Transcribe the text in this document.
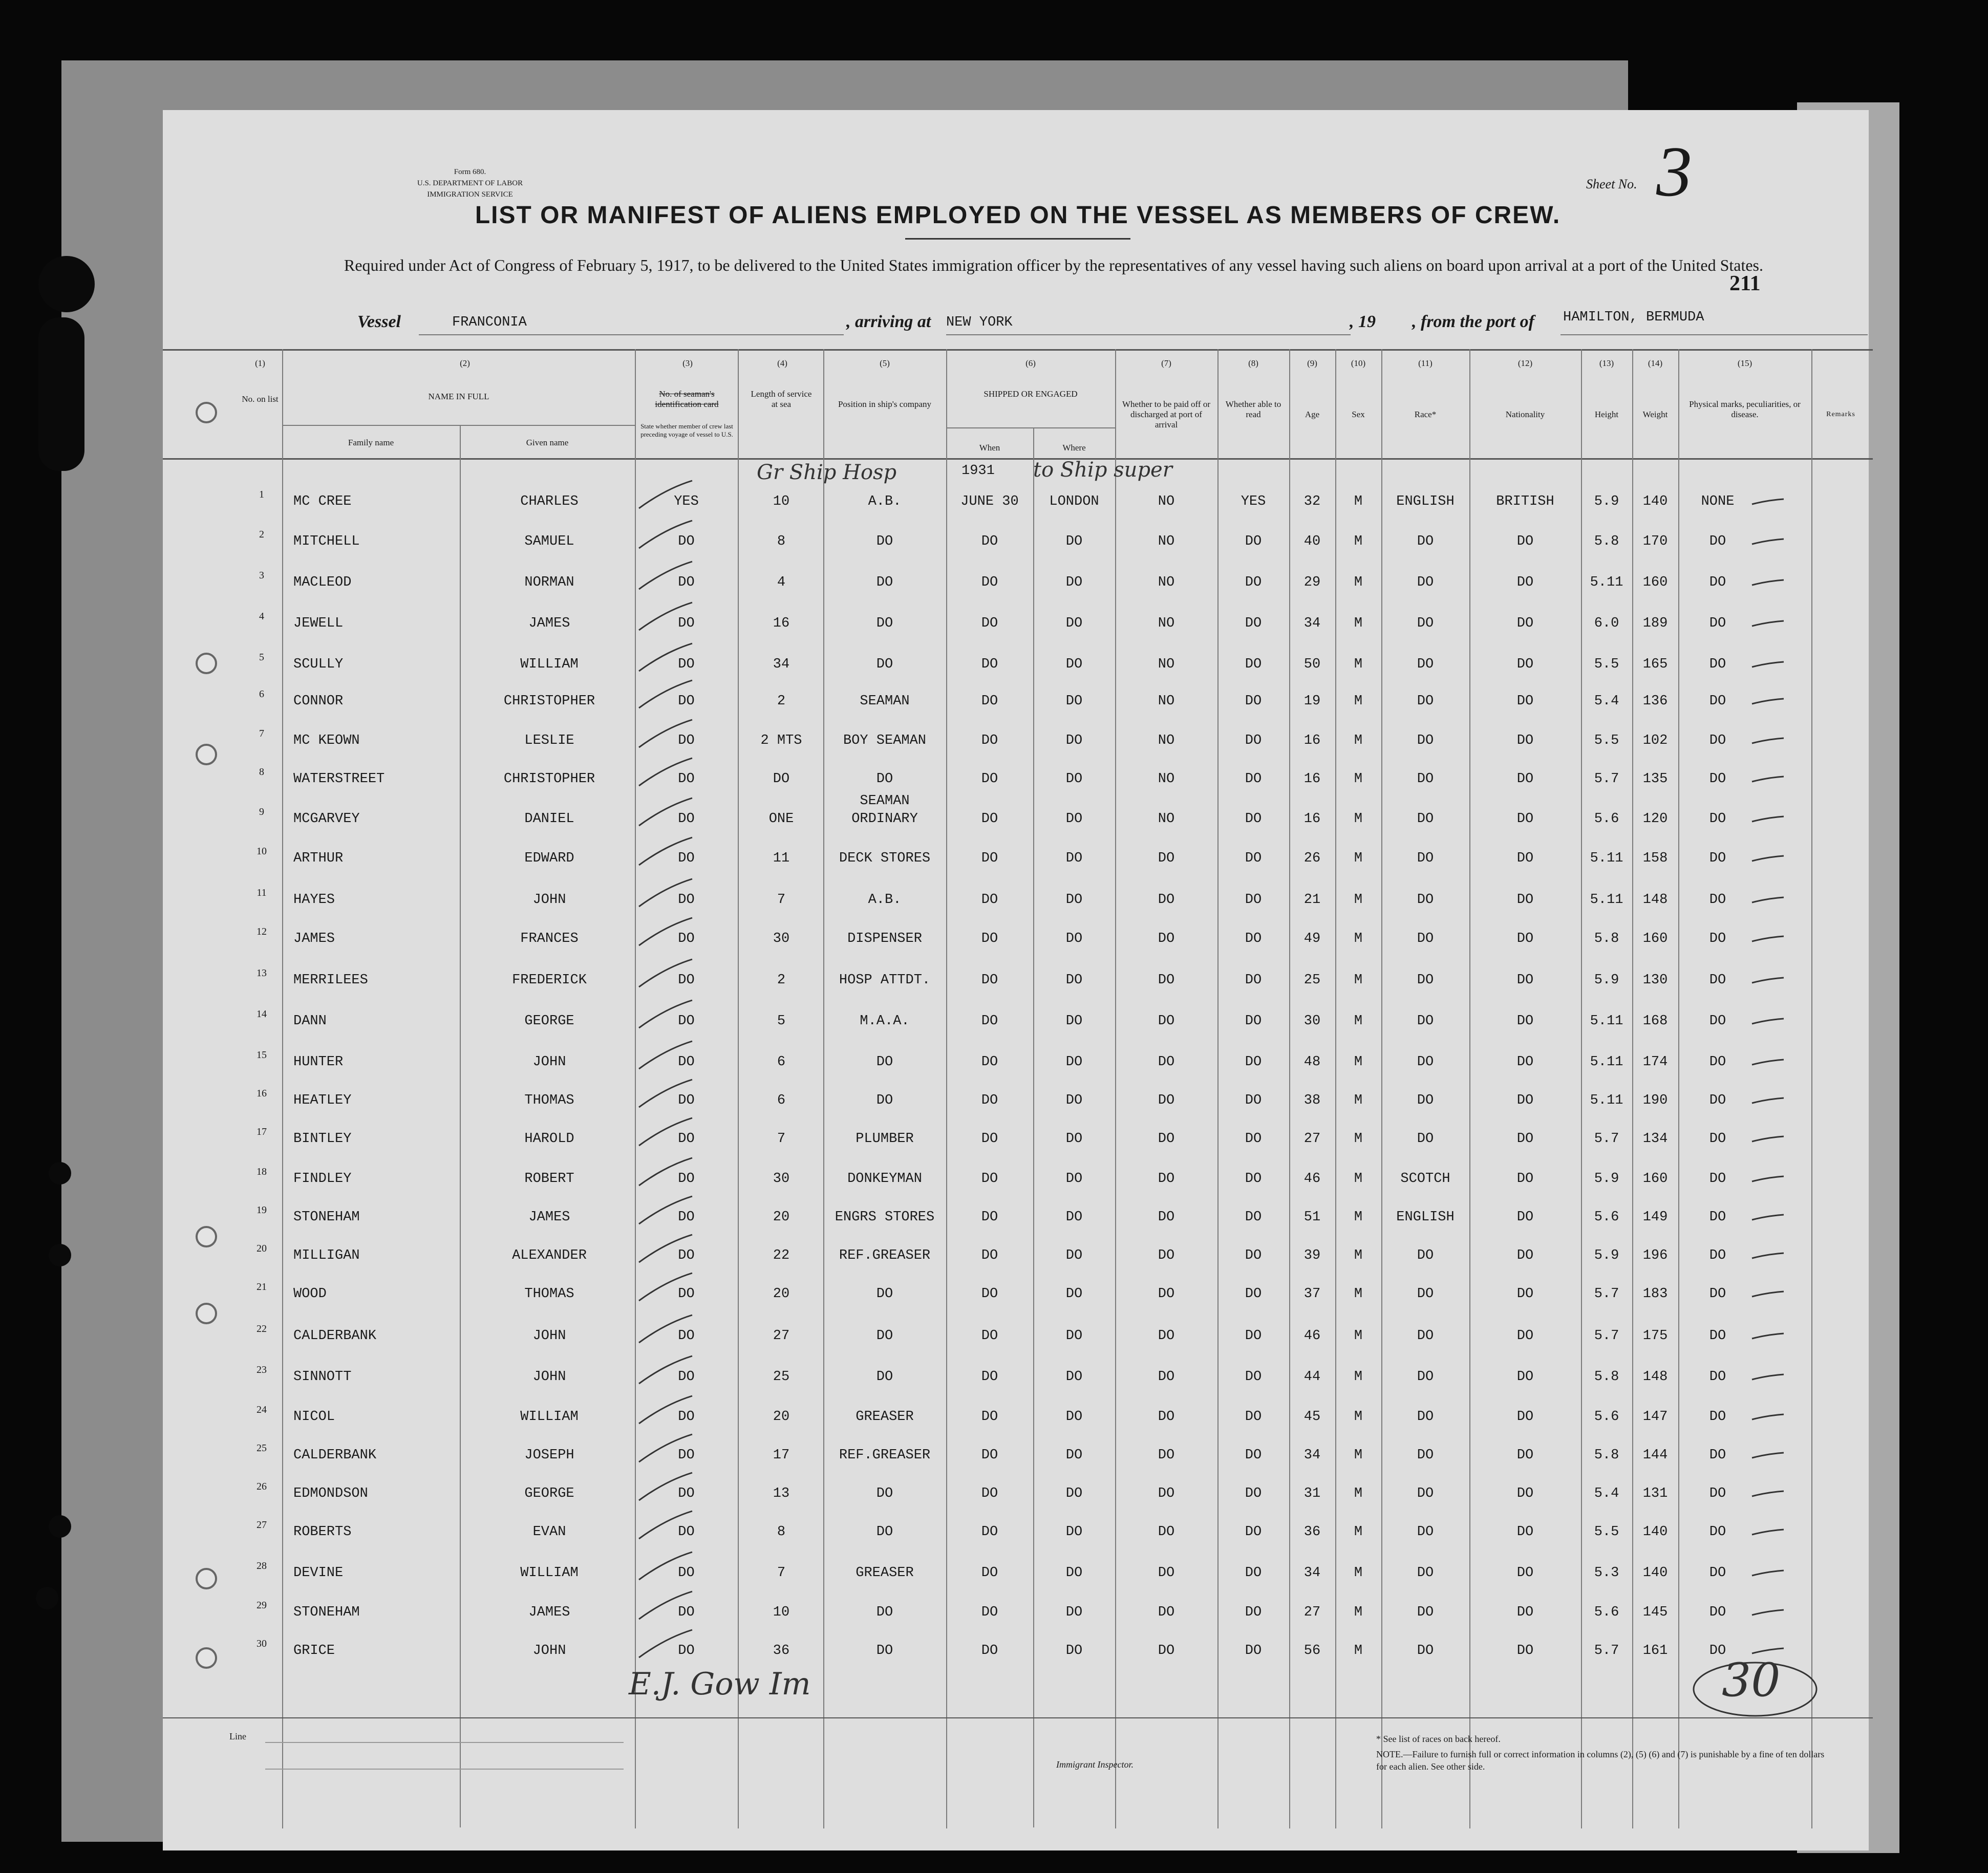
Form 680.
U.S. DEPARTMENT OF LABOR
IMMIGRATION SERVICE
Sheet No. 3
LIST OR MANIFEST OF ALIENS EMPLOYED ON THE VESSEL AS MEMBERS OF CREW.
Required under Act of Congress of February 5, 1917, to be delivered to the United States immigration officer by the representatives of any vessel having such aliens on board upon arrival at a port of the United States.
211
Vessel	FRANCONIA	, arriving at NEW YORK	, 19 , from the port of HAMILTON, BERMUDA
(1)	(2)	(3)	(4)	(5)	(6)	(7)	(8)	(9)	(10)	(11)	(12)	(13)	(14)	(15)
No. on list	NAME IN FULL
Family name	Given name
No. of seaman's identification card
State whether member of crew last preceding voyage of vessel to U.S.
Length of service at sea	Position in ship's company
SHIPPED OR ENGAGED
When	Where
Whether to be paid off or discharged at port of arrival
Whether able to read	Age	Sex	Race*	Nationality	Height	Weight
Physical marks, peculiarities, or disease.	Remarks
1931
Gr Ship Hosp	to Ship super
1	MC CREE	CHARLES	YES	10	A.B.	JUNE 30	LONDON	NO	YES	32	M	ENGLISH	BRITISH	5.9	140	NONE
2	MITCHELL	SAMUEL	DO	8	DO	DO	DO	NO	DO	40	M	DO	DO	5.8	170	DO
3	MACLEOD	NORMAN	DO	4	DO	DO	DO	NO	DO	29	M	DO	DO	5.11	160	DO
4	JEWELL	JAMES	DO	16	DO	DO	DO	NO	DO	34	M	DO	DO	6.0	189	DO
5	SCULLY	WILLIAM	DO	34	DO	DO	DO	NO	DO	50	M	DO	DO	5.5	165	DO
6	CONNOR	CHRISTOPHER	DO	2	SEAMAN	DO	DO	NO	DO	19	M	DO	DO	5.4	136	DO
7	MC KEOWN	LESLIE	DO	2 MTS	BOY SEAMAN	DO	DO	NO	DO	16	M	DO	DO	5.5	102	DO
8	WATERSTREET	CHRISTOPHER	DO	DO	DO	DO	DO	NO	DO	16	M	DO	DO	5.7	135	DO
9	MCGARVEY	DANIEL	DO	ONE	ORDINARY	DO	DO	NO	DO	16	M	DO	DO	5.6	120	DO
SEAMAN
10	ARTHUR	EDWARD	DO	11	DECK STORES	DO	DO	DO	DO	26	M	DO	DO	5.11	158	DO
11	HAYES	JOHN	DO	7	A.B.	DO	DO	DO	DO	21	M	DO	DO	5.11	148	DO
12	JAMES	FRANCES	DO	30	DISPENSER	DO	DO	DO	DO	49	M	DO	DO	5.8	160	DO
13	MERRILEES	FREDERICK	DO	2	HOSP ATTDT.	DO	DO	DO	DO	25	M	DO	DO	5.9	130	DO
14	DANN	GEORGE	DO	5	M.A.A.	DO	DO	DO	DO	30	M	DO	DO	5.11	168	DO
15	HUNTER	JOHN	DO	6	DO	DO	DO	DO	DO	48	M	DO	DO	5.11	174	DO
16	HEATLEY	THOMAS	DO	6	DO	DO	DO	DO	DO	38	M	DO	DO	5.11	190	DO
17	BINTLEY	HAROLD	DO	7	PLUMBER	DO	DO	DO	DO	27	M	DO	DO	5.7	134	DO
18	FINDLEY	ROBERT	DO	30	DONKEYMAN	DO	DO	DO	DO	46	M	SCOTCH	DO	5.9	160	DO
19	STONEHAM	JAMES	DO	20	ENGRS STORES	DO	DO	DO	DO	51	M	ENGLISH	DO	5.6	149	DO
20	MILLIGAN	ALEXANDER	DO	22	REF.GREASER	DO	DO	DO	DO	39	M	DO	DO	5.9	196	DO
21	WOOD	THOMAS	DO	20	DO	DO	DO	DO	DO	37	M	DO	DO	5.7	183	DO
22	CALDERBANK	JOHN	DO	27	DO	DO	DO	DO	DO	46	M	DO	DO	5.7	175	DO
23	SINNOTT	JOHN	DO	25	DO	DO	DO	DO	DO	44	M	DO	DO	5.8	148	DO
24	NICOL	WILLIAM	DO	20	GREASER	DO	DO	DO	DO	45	M	DO	DO	5.6	147	DO
25	CALDERBANK	JOSEPH	DO	17	REF.GREASER	DO	DO	DO	DO	34	M	DO	DO	5.8	144	DO
26	EDMONDSON	GEORGE	DO	13	DO	DO	DO	DO	DO	31	M	DO	DO	5.4	131	DO
27	ROBERTS	EVAN	DO	8	DO	DO	DO	DO	DO	36	M	DO	DO	5.5	140	DO
28	DEVINE	WILLIAM	DO	7	GREASER	DO	DO	DO	DO	34	M	DO	DO	5.3	140	DO
29	STONEHAM	JAMES	DO	10	DO	DO	DO	DO	DO	27	M	DO	DO	5.6	145	DO
30	GRICE	JOHN	DO	36	DO	DO	DO	DO	DO	56	M	DO	DO	5.7	161	DO
E.J. Gow Im	30
Line
Immigrant Inspector.
* See list of races on back hereof.
NOTE.—Failure to furnish full or correct information in columns (2), (5) (6) and (7) is punishable by a fine of ten dollars for each alien. See other side.
